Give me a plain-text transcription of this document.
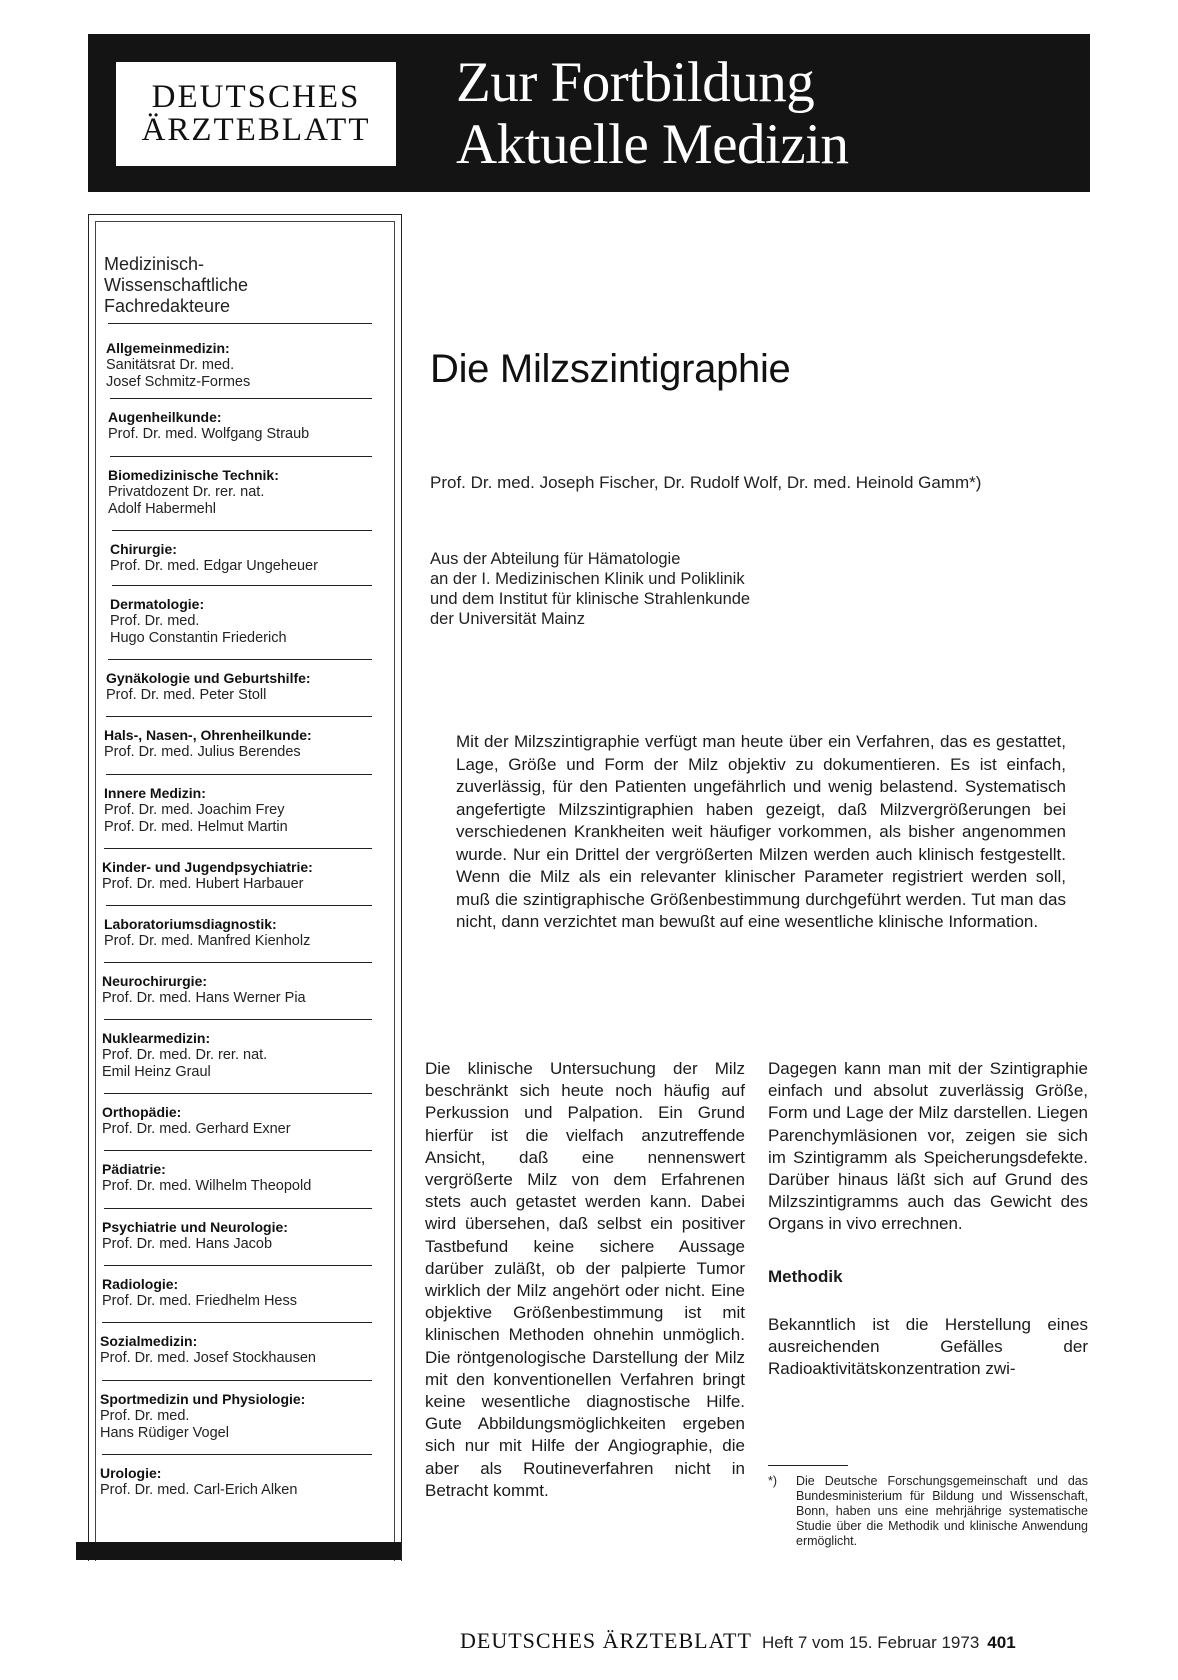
DEUTSCHES
ÄRZTEBLATT
Zur Fortbildung
Aktuelle Medizin
Medizinisch-
Wissenschaftliche
Fachredakteure
Allgemeinmedizin:
Sanitätsrat Dr. med.
Josef Schmitz-Formes
Augenheilkunde:
Prof. Dr. med. Wolfgang Straub
Biomedizinische Technik:
Privatdozent Dr. rer. nat.
Adolf Habermehl
Chirurgie:
Prof. Dr. med. Edgar Ungeheuer
Dermatologie:
Prof. Dr. med.
Hugo Constantin Friederich
Gynäkologie und Geburtshilfe:
Prof. Dr. med. Peter Stoll
Hals-, Nasen-, Ohrenheilkunde:
Prof. Dr. med. Julius Berendes
Innere Medizin:
Prof. Dr. med. Joachim Frey
Prof. Dr. med. Helmut Martin
Kinder- und Jugendpsychiatrie:
Prof. Dr. med. Hubert Harbauer
Laboratoriumsdiagnostik:
Prof. Dr. med. Manfred Kienholz
Neurochirurgie:
Prof. Dr. med. Hans Werner Pia
Nuklearmedizin:
Prof. Dr. med. Dr. rer. nat.
Emil Heinz Graul
Orthopädie:
Prof. Dr. med. Gerhard Exner
Pädiatrie:
Prof. Dr. med. Wilhelm Theopold
Psychiatrie und Neurologie:
Prof. Dr. med. Hans Jacob
Radiologie:
Prof. Dr. med. Friedhelm Hess
Sozialmedizin:
Prof. Dr. med. Josef Stockhausen
Sportmedizin und Physiologie:
Prof. Dr. med.
Hans Rüdiger Vogel
Urologie:
Prof. Dr. med. Carl-Erich Alken
Die Milzszintigraphie
Prof. Dr. med. Joseph Fischer, Dr. Rudolf Wolf, Dr. med. Heinold Gamm*)
Aus der Abteilung für Hämatologie
an der I. Medizinischen Klinik und Poliklinik
und dem Institut für klinische Strahlenkunde
der Universität Mainz
Mit der Milzszintigraphie verfügt man heute über ein Verfahren, das es gestattet, Lage, Größe und Form der Milz objektiv zu dokumentieren. Es ist einfach, zuverlässig, für den Patienten ungefährlich und wenig belastend. Systematisch angefertigte Milzszintigraphien haben gezeigt, daß Milzvergrößerungen bei verschiedenen Krankheiten weit häufiger vorkommen, als bisher angenommen wurde. Nur ein Drittel der vergrößerten Milzen werden auch klinisch festgestellt. Wenn die Milz als ein relevanter klinischer Parameter registriert werden soll, muß die szintigraphische Größenbestimmung durchgeführt werden. Tut man das nicht, dann verzichtet man bewußt auf eine wesentliche klinische Information.

Die klinische Untersuchung der Milz beschränkt sich heute noch häufig auf Perkussion und Palpation. Ein Grund hierfür ist die vielfach anzutreffende Ansicht, daß eine nennenswert vergrößerte Milz von dem Erfahrenen stets auch getastet werden kann. Dabei wird übersehen, daß selbst ein positiver Tastbefund keine sichere Aussage darüber zuläßt, ob der palpierte Tumor wirklich der Milz angehört oder nicht. Eine objektive Größenbestimmung ist mit klinischen Methoden ohnehin unmöglich. Die röntgenologische Darstellung der Milz mit den konventionellen Verfahren bringt keine wesentliche diagnostische Hilfe. Gute Abbildungsmöglichkeiten ergeben sich nur mit Hilfe der Angiographie, die aber als Routineverfahren nicht in Betracht kommt.

Dagegen kann man mit der Szintigraphie einfach und absolut zuverlässig Größe, Form und Lage der Milz darstellen. Liegen Parenchymläsionen vor, zeigen sie sich im Szintigramm als Speicherungsdefekte. Darüber hinaus läßt sich auf Grund des Milzszintigramms auch das Gewicht des Organs in vivo errechnen.

Methodik

Bekanntlich ist die Herstellung eines ausreichenden Gefälles der Radioaktivitätskonzentration zwi-

*) Die Deutsche Forschungsgemeinschaft und das Bundesministerium für Bildung und Wissenschaft, Bonn, haben uns eine mehrjährige systematische Studie über die Methodik und klinische Anwendung ermöglicht.
DEUTSCHES ÄRZTEBLATT Heft 7 vom 15. Februar 1973 401
